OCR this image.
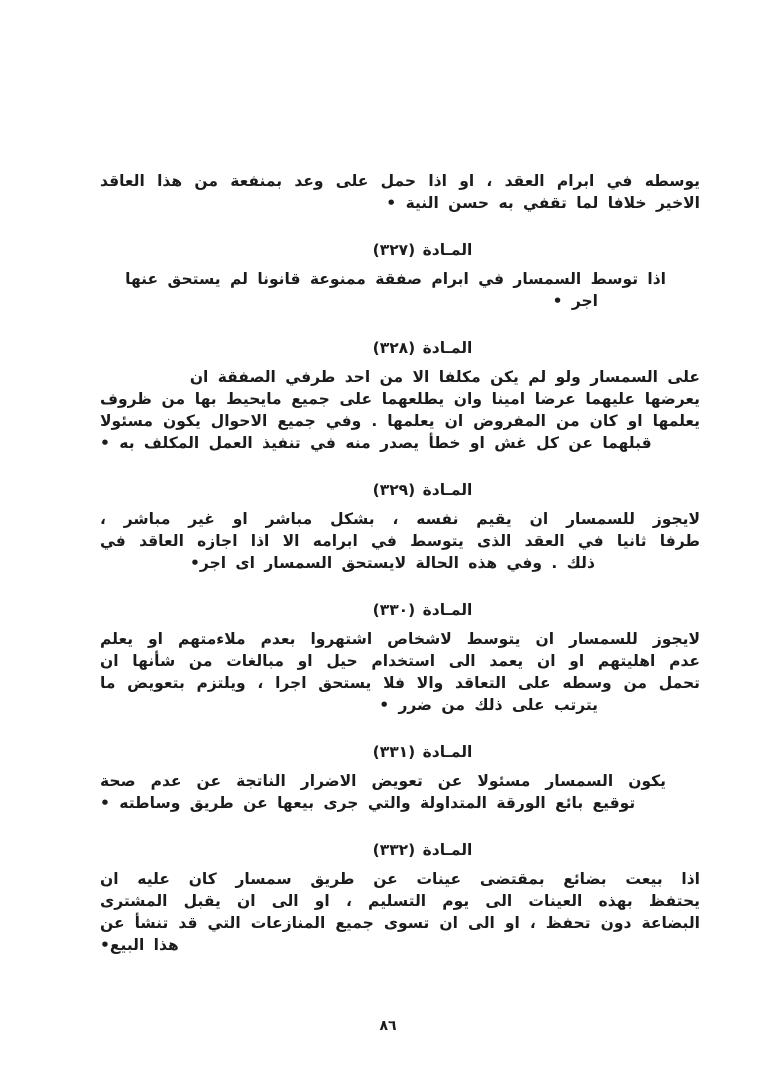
يوسطه في ابرام العقد ، او اذا حمل على وعد بمنفعة من هذا العاقد
الاخير خلافا لما تقفي به حسن النية •
المـادة (٣٢٧)
اذا توسط السمسار في ابرام صفقة ممنوعة قانونا لم يستحق عنها
اجر •
المـادة (٣٢٨)
على السمسار ولو لم يكن مكلفا الا من احد طرفي الصفقة ان
يعرضها عليهما عرضا امينا وان يطلعهما على جميع مايحيط بها من ظروف
يعلمها او كان من المفروض ان يعلمها . وفي جميع الاحوال يكون مسئولا
قبلهما عن كل غش او خطأ يصدر منه في تنفيذ العمل المكلف به •
المـادة (٣٢٩)
لايجوز للسمسار ان يقيم نفسه ، بشكل مباشر او غير مباشر ،
طرفا ثانيا في العقد الذى يتوسط في ابرامه الا اذا اجازه العاقد في
ذلك . وفي هذه الحالة لايستحق السمسار اى اجر•
المـادة (٣٣٠)
لايجوز للسمسار ان يتوسط لاشخاص اشتهروا بعدم ملاءمتهم او يعلم
عدم اهليتهم او ان يعمد الى استخدام حيل او مبالغات من شأنها ان
تحمل من وسطه على التعاقد والا فلا يستحق اجرا ، ويلتزم بتعويض ما
يترتب على ذلك من ضرر •
المـادة (٣٣١)
يكون السمسار مسئولا عن تعويض الاضرار الناتجة عن عدم صحة
توقيع بائع الورقة المتداولة والتي جرى بيعها عن طريق وساطته •
المـادة (٣٣٢)
اذا بيعت بضائع بمقتضى عينات عن طريق سمسار كان عليه ان
يحتفظ بهذه العينات الى يوم التسليم ، او الى ان يقبل المشترى
البضاعة دون تحفظ ، او الى ان تسوى جميع المنازعات التي قد تنشأ عن
هذا البيع•
٨٦
